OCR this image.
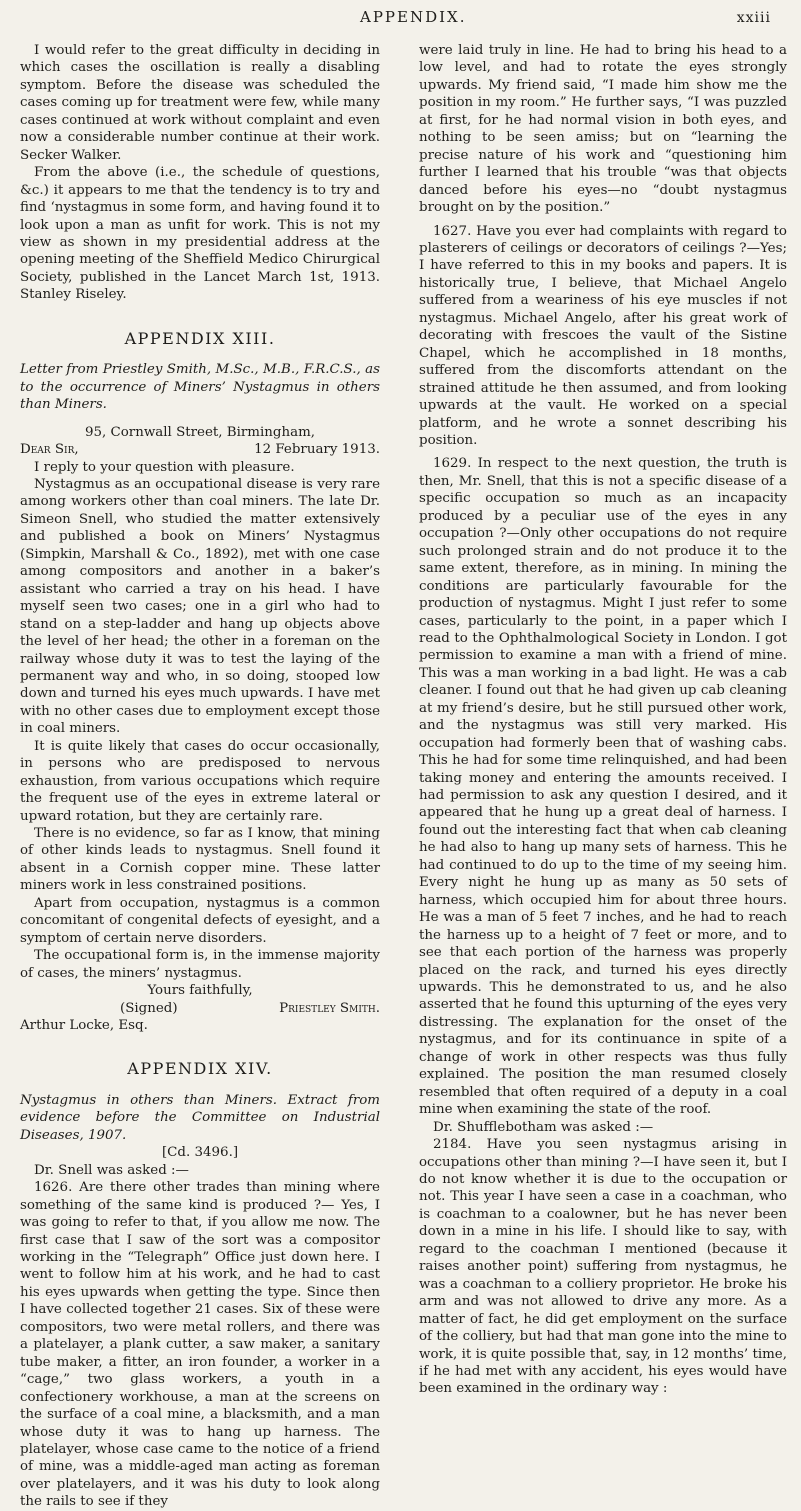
APPENDIX.	xxiii

I would refer to the great difficulty in deciding in which cases the oscillation is really a disabling symptom. Before the disease was scheduled the cases coming up for treatment were few, while many cases continued at work without complaint and even now a considerable number continue at their work. Secker Walker.

From the above (i.e., the schedule of questions, &c.) it appears to me that the tendency is to try and find ‘nystagmus in some form, and having found it to look upon a man as unfit for work. This is not my view as shown in my presidential address at the opening meeting of the Sheffield Medico Chirurgical Society, published in the Lancet March 1st, 1913. Stanley Riseley.

APPENDIX XIII.

Letter from Priestley Smith, M.Sc., M.B., F.R.C.S., as to the occurrence of Miners’ Nystagmus in others than Miners.

95, Cornwall Street, Birmingham,

Dear Sir,	12 February 1913.

I reply to your question with pleasure.

Nystagmus as an occupational disease is very rare among workers other than coal miners. The late Dr. Simeon Snell, who studied the matter extensively and published a book on Miners’ Nystagmus (Simpkin, Marshall & Co., 1892), met with one case among compositors and another in a baker’s assistant who carried a tray on his head. I have myself seen two cases; one in a girl who had to stand on a step-ladder and hang up objects above the level of her head; the other in a foreman on the railway whose duty it was to test the laying of the permanent way and who, in so doing, stooped low down and turned his eyes much upwards. I have met with no other cases due to employment except those in coal miners.

It is quite likely that cases do occur occasionally, in persons who are predisposed to nervous exhaustion, from various occupations which require the frequent use of the eyes in extreme lateral or upward rotation, but they are certainly rare.

There is no evidence, so far as I know, that mining of other kinds leads to nystagmus. Snell found it absent in a Cornish copper mine. These latter miners work in less constrained positions.

Apart from occupation, nystagmus is a common concomitant of congenital defects of eyesight, and a symptom of certain nerve disorders.

The occupational form is, in the immense majority of cases, the miners’ nystagmus.

Yours faithfully,

(Signed)	Priestley Smith.

Arthur Locke, Esq.

APPENDIX XIV.

Nystagmus in others than Miners. Extract from evidence before the Committee on Industrial Diseases, 1907.

[Cd. 3496.]

Dr. Snell was asked :—

1626. Are there other trades than mining where something of the same kind is produced ?— Yes, I was going to refer to that, if you allow me now. The first case that I saw of the sort was a compositor working in the “Telegraph” Office just down here. I went to follow him at his work, and he had to cast his eyes upwards when getting the type. Since then I have collected together 21 cases. Six of these were compositors, two were metal rollers, and there was a platelayer, a plank cutter, a saw maker, a sanitary tube maker, a fitter, an iron founder, a worker in a “cage,” two glass workers, a youth in a confectionery workhouse, a man at the screens on the surface of a coal mine, a blacksmith, and a man whose duty it was to hang up harness. The platelayer, whose case came to the notice of a friend of mine, was a middle-aged man acting as foreman over platelayers, and it was his duty to look along the rails to see if they

were laid truly in line. He had to bring his head to a low level, and had to rotate the eyes strongly upwards. My friend said, “I made him show me the position in my room.” He further says, “I was puzzled at first, for he had normal vision in both eyes, and nothing to be seen amiss; but on “learning the precise nature of his work and “questioning him further I learned that his trouble “was that objects danced before his eyes—no “doubt nystagmus brought on by the position.”

1627. Have you ever had complaints with regard to plasterers of ceilings or decorators of ceilings ?—Yes; I have referred to this in my books and papers. It is historically true, I believe, that Michael Angelo suffered from a weariness of his eye muscles if not nystagmus. Michael Angelo, after his great work of decorating with frescoes the vault of the Sistine Chapel, which he accomplished in 18 months, suffered from the discomforts attendant on the strained attitude he then assumed, and from looking upwards at the vault. He worked on a special platform, and he wrote a sonnet describing his position.

1629. In respect to the next question, the truth is then, Mr. Snell, that this is not a specific disease of a specific occupation so much as an incapacity produced by a peculiar use of the eyes in any occupation ?—Only other occupations do not require such prolonged strain and do not produce it to the same extent, therefore, as in mining. In mining the conditions are particularly favourable for the production of nystagmus. Might I just refer to some cases, particularly to the point, in a paper which I read to the Ophthalmological Society in London. I got permission to examine a man with a friend of mine. This was a man working in a bad light. He was a cab cleaner. I found out that he had given up cab cleaning at my friend’s desire, but he still pursued other work, and the nystagmus was still very marked. His occupation had formerly been that of washing cabs. This he had for some time relinquished, and had been taking money and entering the amounts received. I had permission to ask any question I desired, and it appeared that he hung up a great deal of harness. I found out the interesting fact that when cab cleaning he had also to hang up many sets of harness. This he had continued to do up to the time of my seeing him. Every night he hung up as many as 50 sets of harness, which occupied him for about three hours. He was a man of 5 feet 7 inches, and he had to reach the harness up to a height of 7 feet or more, and to see that each portion of the harness was properly placed on the rack, and turned his eyes directly upwards. This he demonstrated to us, and he also asserted that he found this upturning of the eyes very distressing. The explanation for the onset of the nystagmus, and for its continuance in spite of a change of work in other respects was thus fully explained. The position the man resumed closely resembled that often required of a deputy in a coal mine when examining the state of the roof.

Dr. Shufflebotham was asked :—

2184. Have you seen nystagmus arising in occupations other than mining ?—I have seen it, but I do not know whether it is due to the occupation or not. This year I have seen a case in a coachman, who is coachman to a coalowner, but he has never been down in a mine in his life. I should like to say, with regard to the coachman I mentioned (because it raises another point) suffering from nystagmus, he was a coachman to a colliery proprietor. He broke his arm and was not allowed to drive any more. As a matter of fact, he did get employment on the surface of the colliery, but had that man gone into the mine to work, it is quite possible that, say, in 12 months’ time, if he had met with any accident, his eyes would have been examined in the ordinary way :
